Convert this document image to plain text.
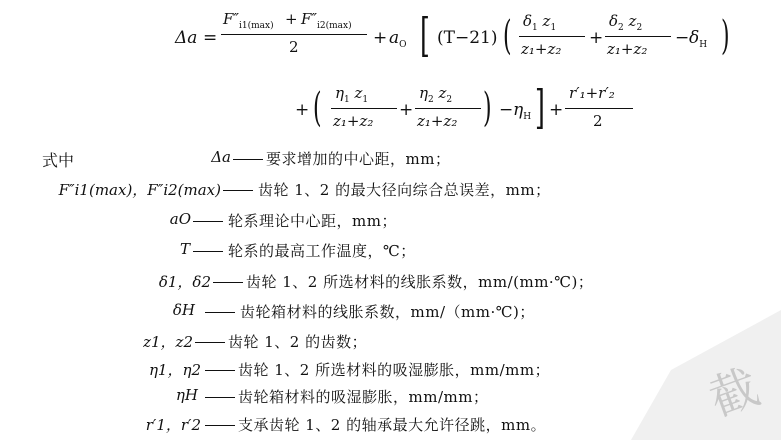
Δa =
$F''_{i1(max)} + F''_{i2(max)}$
2	+ $a_O$ [ (T−21) ( $\delta_1$ $z_1$
z₁+z₂
+
$\delta_2$ $z_2$
z₁+z₂
− $\delta_H$ )
+ ( $\eta_1$ $z_1$
z₁+z₂
+
$\eta_2$ $z_2$
z₁+z₂ ) − $\eta_H$ ] +
r′₁+r′₂
2
式中	Δa 要求增加的中心距，mm；
F″i1(max)，F″i2(max) 齿轮 1、2 的最大径向综合总误差，mm；
aO 轮系理论中心距，mm；
T	轮系的最高工作温度，℃；
δ1，δ2 齿轮 1、2 所选材料的线胀系数，mm/(mm·℃)；
δH	齿轮箱材料的线胀系数，mm/（mm·℃)；
z1，z2 齿轮 1、2 的齿数；
η1，η2 齿轮 1、2 所选材料的吸湿膨胀，mm/mm；
ηH	齿轮箱材料的吸湿膨胀，mm/mm；
r′1，r′2 支承齿轮 1、2 的轴承最大允许径跳，mm。	截
